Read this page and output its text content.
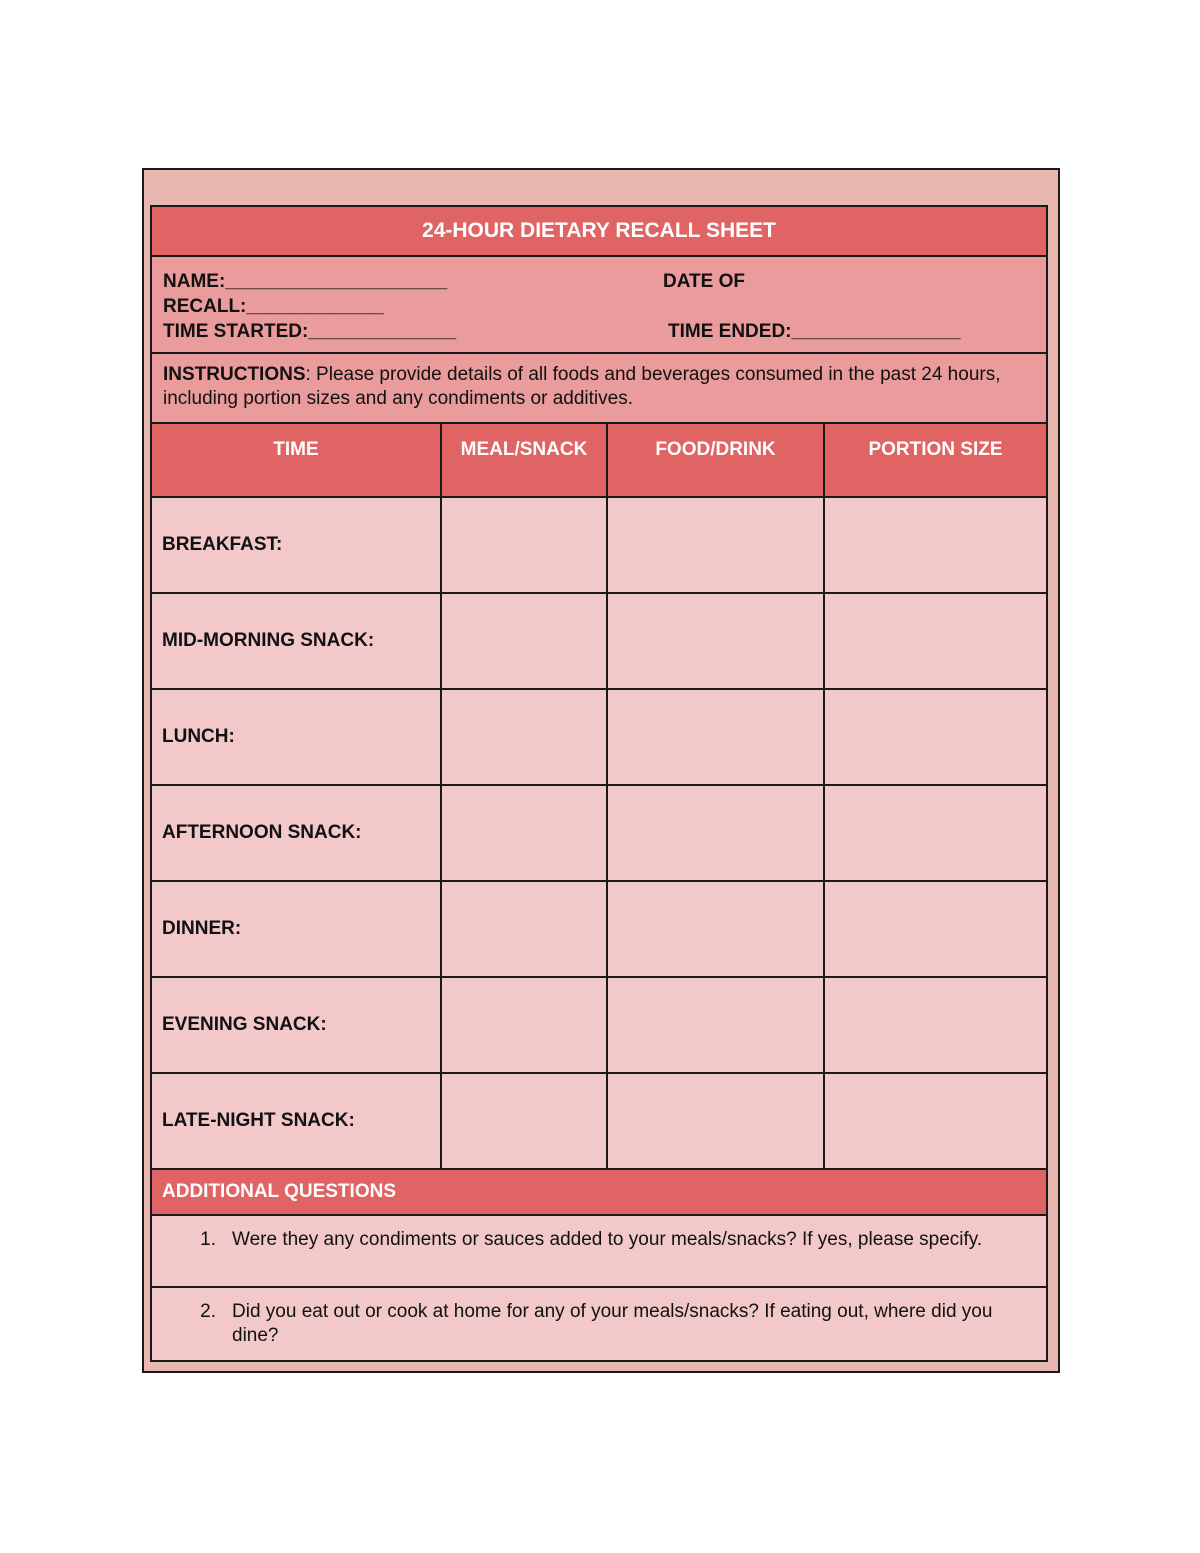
24-HOUR DIETARY RECALL SHEET
NAME:_____________________	DATE OF
RECALL:_____________
TIME STARTED:______________	TIME ENDED:________________
INSTRUCTIONS: Please provide details of all foods and beverages consumed in the past 24 hours, including portion sizes and any condiments or additives.
TIME	MEAL/SNACK	FOOD/DRINK	PORTION SIZE
BREAKFAST:
MID-MORNING SNACK:
LUNCH:
AFTERNOON SNACK:
DINNER:
EVENING SNACK:
LATE-NIGHT SNACK:
ADDITIONAL QUESTIONS
1. Were they any condiments or sauces added to your meals/snacks? If yes, please specify.
2. Did you eat out or cook at home for any of your meals/snacks? If eating out, where did you dine?
